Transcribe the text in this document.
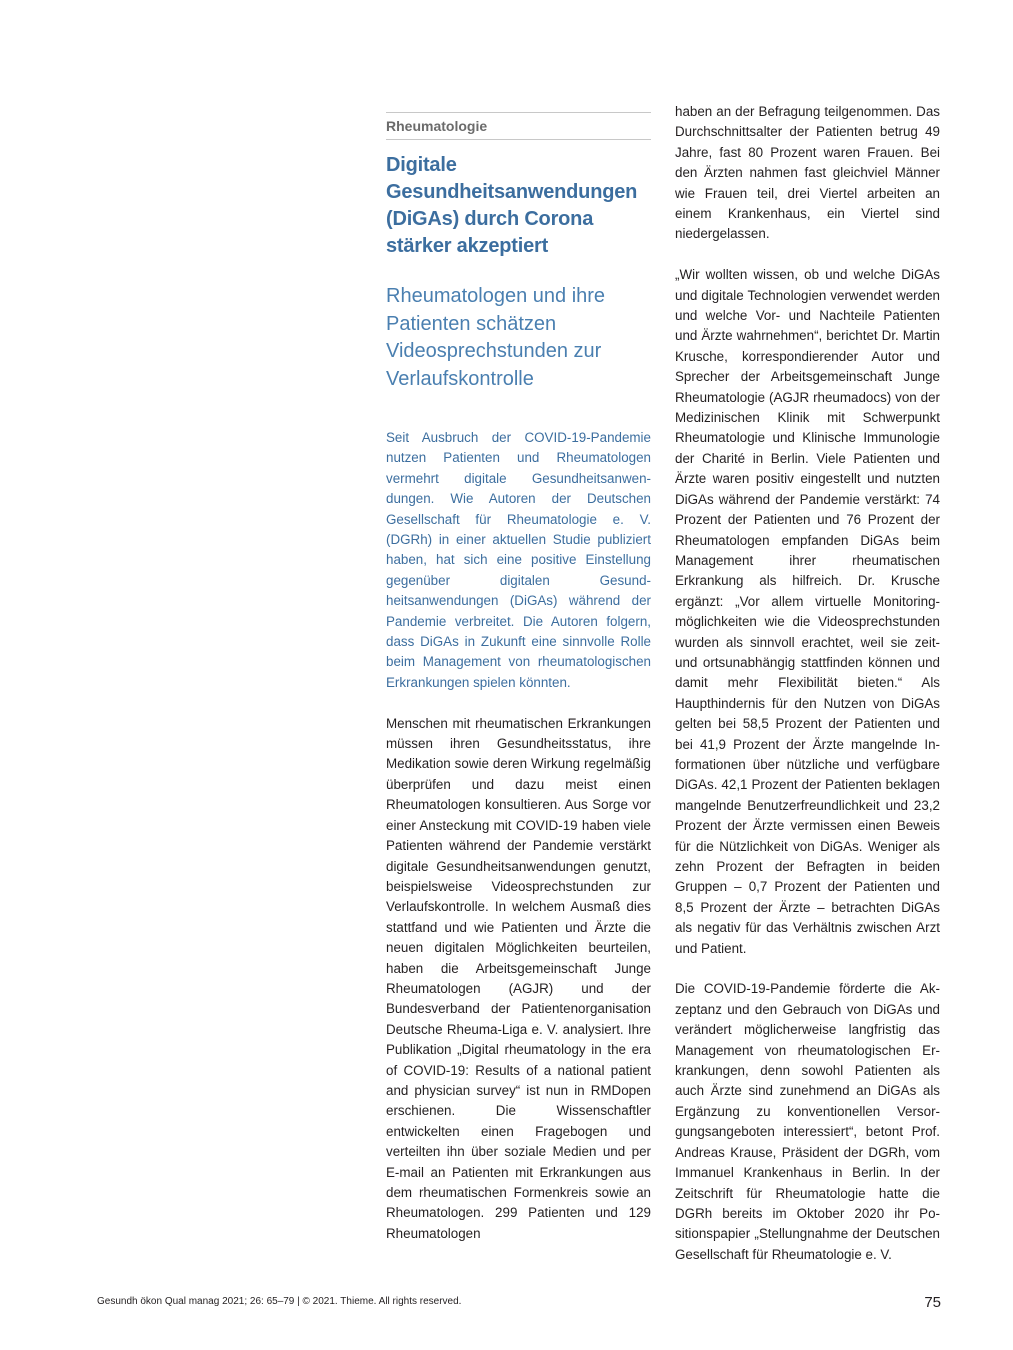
Rheumatologie
Digitale Gesundheitsanwendungen (DiGAs) durch Corona stärker akzeptiert
Rheumatologen und ihre Patienten schätzen Videosprechstunden zur Verlaufskontrolle

Seit Ausbruch der COVID-19-Pandemie nutzen Patienten und Rheumatologen vermehrt digitale Gesundheitsanwendungen. Wie Autoren der Deutschen Gesellschaft für Rheumatologie e. V. (DGRh) in einer aktuellen Studie publiziert haben, hat sich eine positive Einstellung gegenüber digitalen Gesundheitsanwendungen (DiGAs) während der Pandemie verbreitet. Die Autoren folgern, dass DiGAs in Zukunft eine sinnvolle Rolle beim Management von rheumatologischen Erkrankungen spielen könnten.

Menschen mit rheumatischen Erkrankungen müssen ihren Gesundheitsstatus, ihre Medikation sowie deren Wirkung regelmäßig überprüfen und dazu meist einen Rheumatologen konsultieren. Aus Sorge vor einer Ansteckung mit COVID-19 haben viele Patienten während der Pandemie verstärkt digitale Gesundheitsanwendungen genutzt, beispielsweise Videosprechstunden zur Verlaufskontrolle. In welchem Ausmaß dies stattfand und wie Patienten und Ärzte die neuen digitalen Möglichkeiten beurteilen, haben die Arbeitsgemeinschaft Junge Rheumatologen (AGJR) und der Bundesverband der Patientenorganisation Deutsche Rheuma-Liga e. V. analysiert. Ihre Publikation „Digital rheumatology in the era of COVID-19: Results of a national patient and physician survey“ ist nun in RMDopen erschienen. Die Wissenschaftler entwickelten einen Fragebogen und verteilten ihn über soziale Medien und per E-mail an Patienten mit Erkrankungen aus dem rheumatischen Formenkreis sowie an Rheumatologen. 299 Patienten und 129 Rheumatologen

haben an der Befragung teilgenommen. Das Durchschnittsalter der Patienten betrug 49 Jahre, fast 80 Prozent waren Frauen. Bei den Ärzten nahmen fast gleichviel Männer wie Frauen teil, drei Viertel arbeiten an einem Krankenhaus, ein Viertel sind niedergelassen.

„Wir wollten wissen, ob und welche DiGAs und digitale Technologien verwendet werden und welche Vor- und Nachteile Patienten und Ärzte wahrnehmen“, berichtet Dr. Martin Krusche, korrespondierender Autor und Sprecher der Arbeitsgemeinschaft Junge Rheumatologie (AGJR rheumadocs) von der Medizinischen Klinik mit Schwerpunkt Rheumatologie und Klinische Immunologie der Charité in Berlin. Viele Patienten und Ärzte waren positiv eingestellt und nutzten DiGAs während der Pandemie verstärkt: 74 Prozent der Patienten und 76 Prozent der Rheumatologen empfanden DiGAs beim Management ihrer rheumatischen Erkrankung als hilfreich. Dr. Krusche ergänzt: „Vor allem virtuelle Monitoringmöglichkeiten wie die Videosprechstunden wurden als sinnvoll erachtet, weil sie zeit- und ortsunabhängig stattfinden können und damit mehr Flexibilität bieten.“ Als Haupthindernis für den Nutzen von DiGAs gelten bei 58,5 Prozent der Patienten und bei 41,9 Prozent der Ärzte mangelnde Informationen über nützliche und verfügbare DiGAs. 42,1 Prozent der Patienten beklagen mangelnde Benutzerfreundlichkeit und 23,2 Prozent der Ärzte vermissen einen Beweis für die Nützlichkeit von DiGAs. Weniger als zehn Prozent der Befragten in beiden Gruppen – 0,7 Prozent der Patienten und 8,5 Prozent der Ärzte – betrachten DiGAs als negativ für das Verhältnis zwischen Arzt und Patient.

Die COVID-19-Pandemie förderte die Akzeptanz und den Gebrauch von DiGAs und verändert möglicherweise langfristig das Management von rheumatologischen Erkrankungen, denn sowohl Patienten als auch Ärzte sind zunehmend an DiGAs als Ergänzung zu konventionellen Versorgungsangeboten interessiert“, betont Prof. Andreas Krause, Präsident der DGRh, vom Immanuel Krankenhaus in Berlin. In der Zeitschrift für Rheumatologie hatte die DGRh bereits im Oktober 2020 ihr Positionspapier „Stellungnahme der Deutschen Gesellschaft für Rheumatologie e. V.

Gesundh ökon Qual manag 2021; 26: 65–79 | © 2021. Thieme. All rights reserved.	75
